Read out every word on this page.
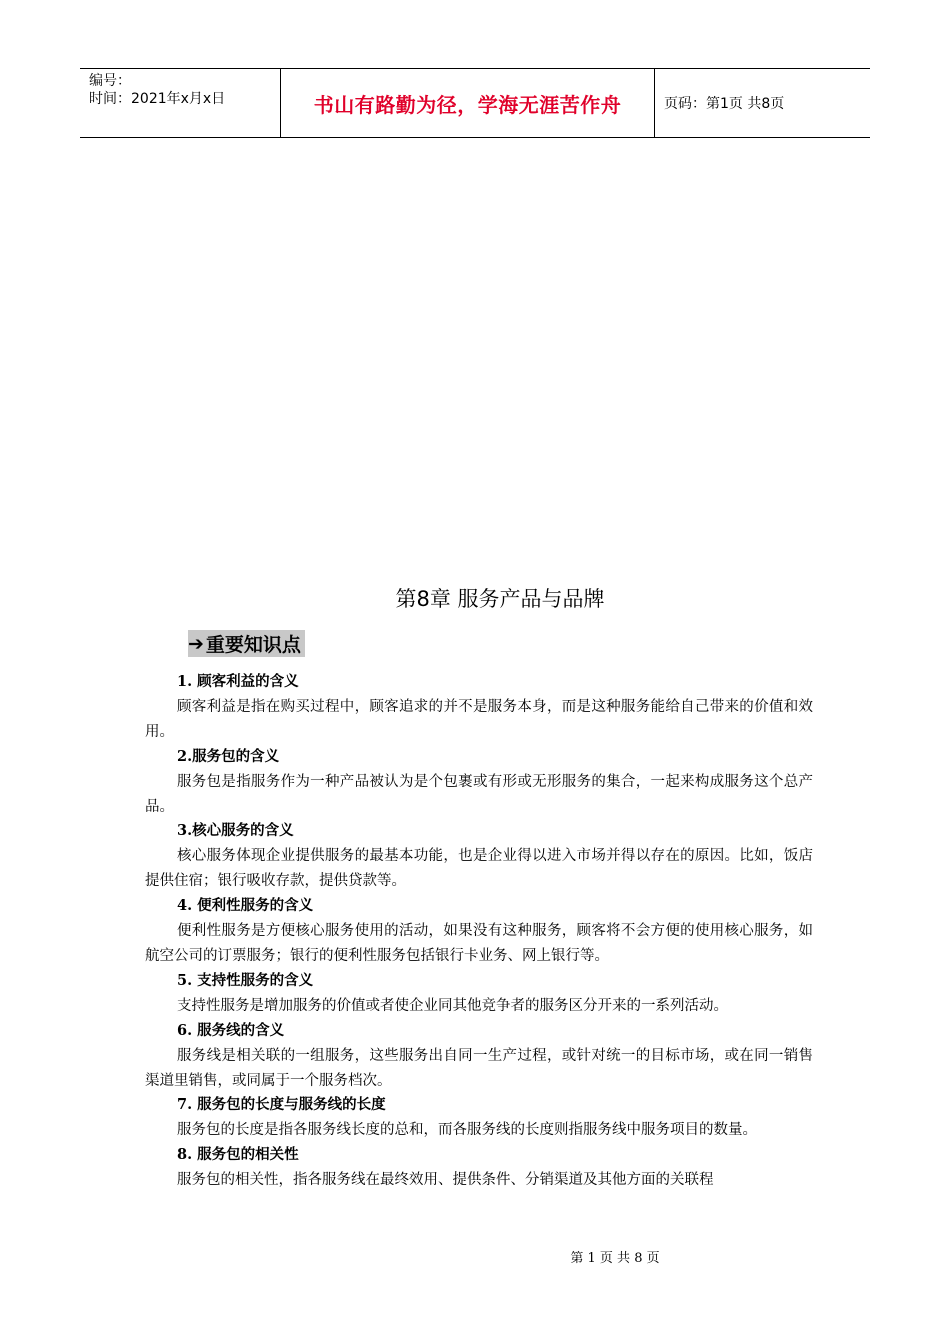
编号：
时间：2021年x月x日	书山有路勤为径，学海无涯苦作舟	页码：第1页 共8页
第8章 服务产品与品牌
➔ 重要知识点
1. 顾客利益的含义
顾客利益是指在购买过程中，顾客追求的并不是服务本身，而是这种服务能给自己带来的价值和效用。
2.服务包的含义
服务包是指服务作为一种产品被认为是个包裹或有形或无形服务的集合，一起来构成服务这个总产品。
3.核心服务的含义
核心服务体现企业提供服务的最基本功能，也是企业得以进入市场并得以存在的原因。比如，饭店提供住宿；银行吸收存款，提供贷款等。
4. 便利性服务的含义
便利性服务是方便核心服务使用的活动，如果没有这种服务，顾客将不会方便的使用核心服务，如航空公司的订票服务；银行的便利性服务包括银行卡业务、网上银行等。
5. 支持性服务的含义
支持性服务是增加服务的价值或者使企业同其他竞争者的服务区分开来的一系列活动。
6. 服务线的含义
服务线是相关联的一组服务，这些服务出自同一生产过程，或针对统一的目标市场，或在同一销售渠道里销售，或同属于一个服务档次。
7. 服务包的长度与服务线的长度
服务包的长度是指各服务线长度的总和，而各服务线的长度则指服务线中服务项目的数量。
8. 服务包的相关性
服务包的相关性，指各服务线在最终效用、提供条件、分销渠道及其他方面的关联程
第 1 页 共 8 页
